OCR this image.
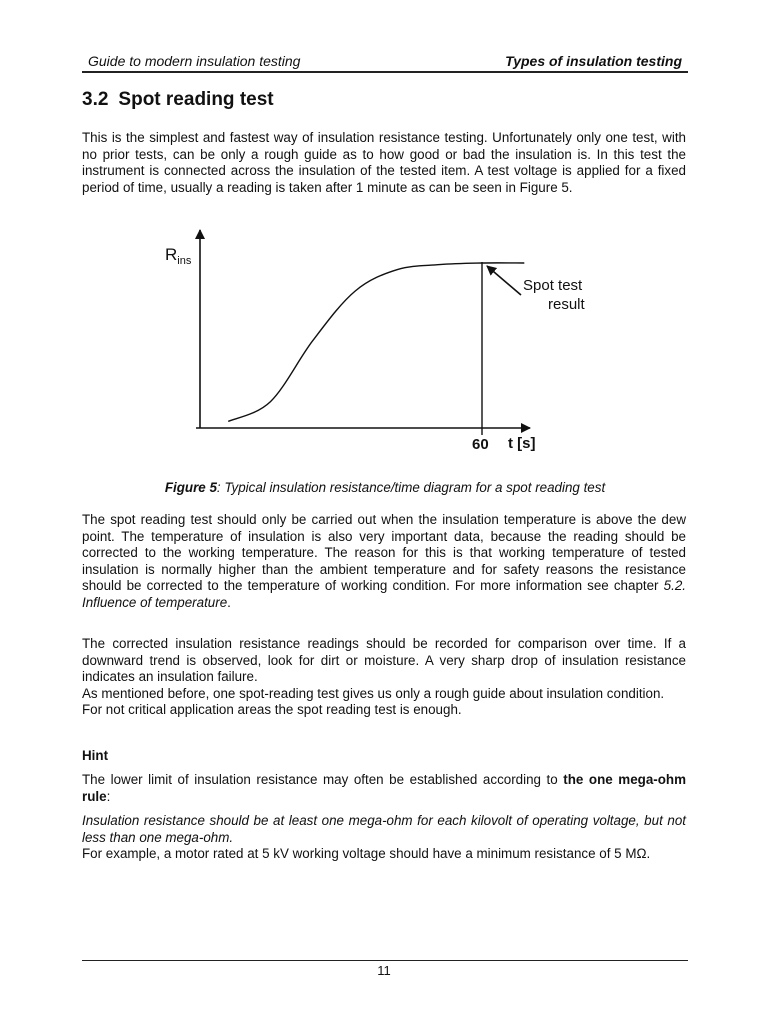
Guide to modern insulation testing	Types of insulation testing
3.2 Spot reading test

This is the simplest and fastest way of insulation resistance testing. Unfortunately only one test, with no prior tests, can be only a rough guide as to how good or bad the insulation is. In this test the instrument is connected across the insulation of the tested item. A test voltage is applied for a fixed period of time, usually a reading is taken after 1 minute as can be seen in Figure 5.

$R_{ins}$
60 t [s]
Spot test
result

Figure 5: Typical insulation resistance/time diagram for a spot reading test

The spot reading test should only be carried out when the insulation temperature is above the dew point. The temperature of insulation is also very important data, because the reading should be corrected to the working temperature. The reason for this is that working temperature of tested insulation is normally higher than the ambient temperature and for safety reasons the resistance should be corrected to the temperature of working condition. For more information see chapter 5.2. Influence of temperature.

The corrected insulation resistance readings should be recorded for comparison over time. If a downward trend is observed, look for dirt or moisture. A very sharp drop of insulation resistance indicates an insulation failure.
As mentioned before, one spot-reading test gives us only a rough guide about insulation condition.
For not critical application areas the spot reading test is enough.

Hint

The lower limit of insulation resistance may often be established according to the one mega-ohm rule:

Insulation resistance should be at least one mega-ohm for each kilovolt of operating voltage, but not less than one mega-ohm.
For example, a motor rated at 5 kV working voltage should have a minimum resistance of 5 MΩ.

11
